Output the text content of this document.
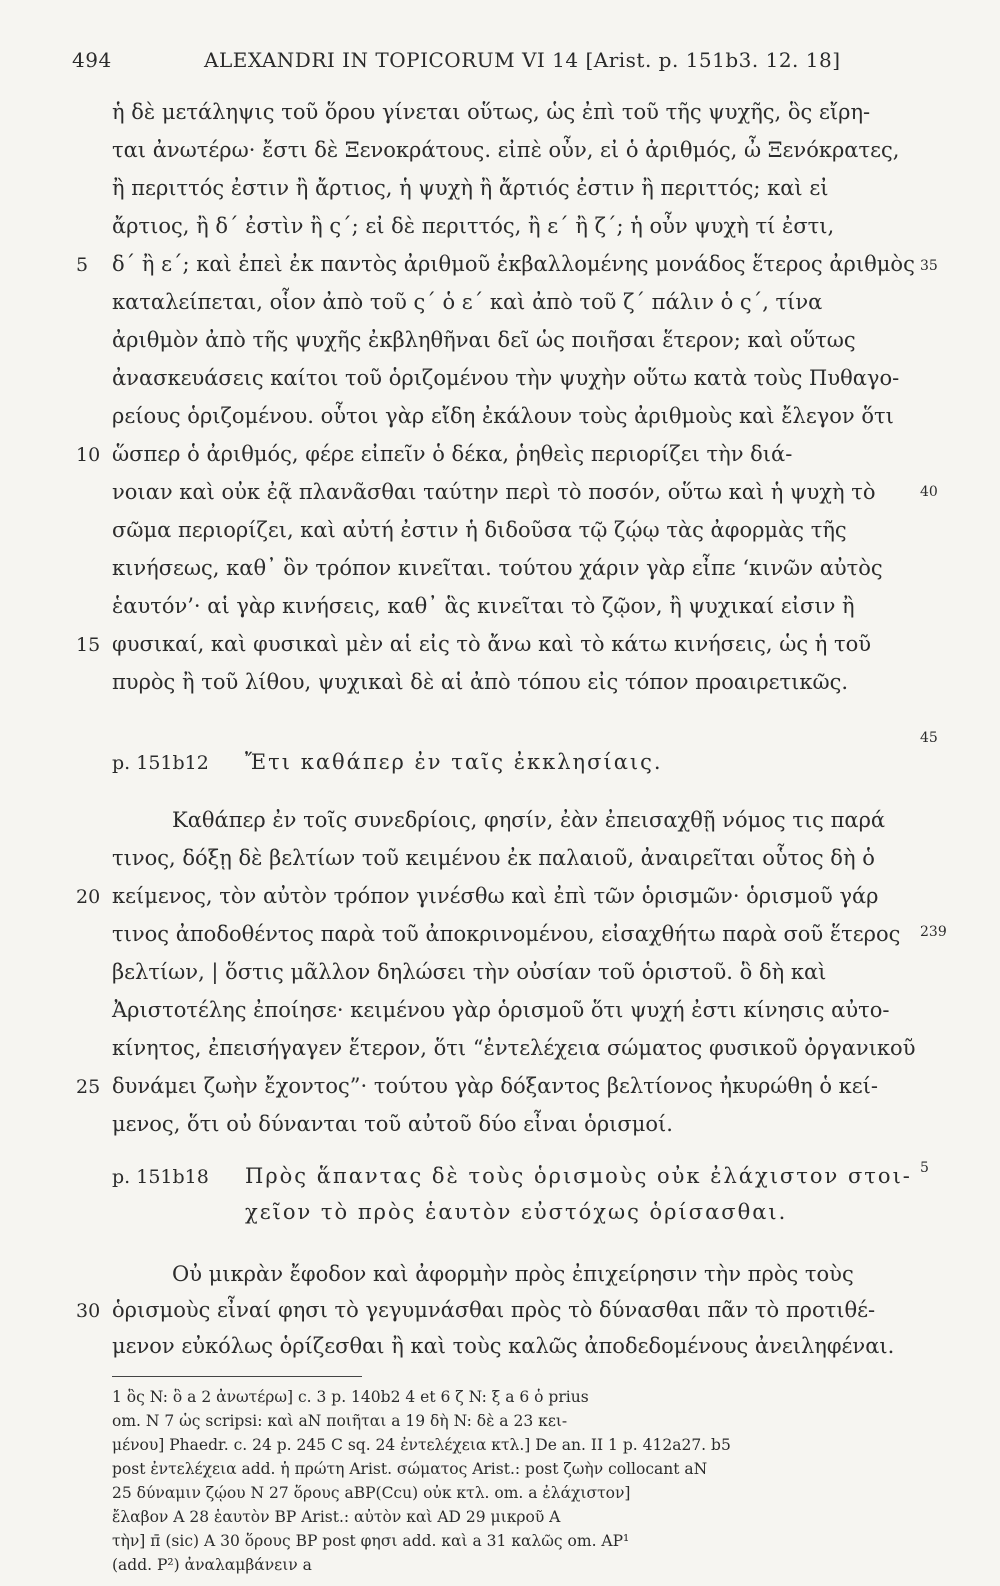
494	ALEXANDRI IN TOPICORUM VI 14 [Arist. p. 151b3. 12. 18]
ἡ δὲ μετάληψις τοῦ ὅρου γίνεται οὕτως, ὡς ἐπὶ τοῦ τῆς ψυχῆς, ὃς εἴρη-
ται ἀνωτέρω· ἔστι δὲ Ξενοκράτους. εἰπὲ οὖν, εἰ ὁ ἀριθμός, ὦ Ξενόκρατες,
ἢ περιττός ἐστιν ἢ ἄρτιος, ἡ ψυχὴ ἢ ἄρτιός ἐστιν ἢ περιττός; καὶ εἰ
ἄρτιος, ἢ δ´ ἐστὶν ἢ ς´; εἰ δὲ περιττός, ἢ ε´ ἢ ζ´; ἡ οὖν ψυχὴ τί ἐστι,
5	δ´ ἢ ε´; καὶ ἐπεὶ ἐκ παντὸς ἀριθμοῦ ἐκβαλλομένης μονάδος ἕτερος ἀριθμὸς
καταλείπεται, οἷον ἀπὸ τοῦ ς´ ὁ ε´ καὶ ἀπὸ τοῦ ζ´ πάλιν ὁ ς´, τίνα
ἀριθμὸν ἀπὸ τῆς ψυχῆς ἐκβληθῆναι δεῖ ὡς ποιῆσαι ἕτερον; καὶ οὕτως
ἀνασκευάσεις καίτοι τοῦ ὁριζομένου τὴν ψυχὴν οὕτω κατὰ τοὺς Πυθαγο-
ρείους ὁριζομένου. οὗτοι γὰρ εἴδη ἐκάλουν τοὺς ἀριθμοὺς καὶ ἔλεγον ὅτι
10 ὥσπερ ὁ ἀριθμός, φέρε εἰπεῖν ὁ δέκα, ῥηθεὶς περιορίζει τὴν διά-
νοιαν καὶ οὐκ ἐᾷ πλανᾶσθαι ταύτην περὶ τὸ ποσόν, οὕτω καὶ ἡ ψυχὴ τὸ
σῶμα περιορίζει, καὶ αὐτή ἐστιν ἡ διδοῦσα τῷ ζῴῳ τὰς ἀφορμὰς τῆς
κινήσεως, καθ᾽ ὃν τρόπον κινεῖται. τούτου χάριν γὰρ εἶπε ‘κινῶν αὐτὸς
ἑαυτόν’· αἱ γὰρ κινήσεις, καθ᾽ ἃς κινεῖται τὸ ζῷον, ἢ ψυχικαί εἰσιν ἢ
15 φυσικαί, καὶ φυσικαὶ μὲν αἱ εἰς τὸ ἄνω καὶ τὸ κάτω κινήσεις, ὡς ἡ τοῦ
πυρὸς ἢ τοῦ λίθου, ψυχικαὶ δὲ αἱ ἀπὸ τόπου εἰς τόπον προαιρετικῶς.
p. 151b12 Ἔτι καθάπερ ἐν ταῖς ἐκκλησίαις.
Καθάπερ ἐν τοῖς συνεδρίοις, φησίν, ἐὰν ἐπεισαχθῇ νόμος τις παρά
τινος, δόξῃ δὲ βελτίων τοῦ κειμένου ἐκ παλαιοῦ, ἀναιρεῖται οὗτος δὴ ὁ
20 κείμενος, τὸν αὐτὸν τρόπον γινέσθω καὶ ἐπὶ τῶν ὁρισμῶν· ὁρισμοῦ γάρ
τινος ἀποδοθέντος παρὰ τοῦ ἀποκρινομένου, εἰσαχθήτω παρὰ σοῦ ἕτερος
βελτίων, | ὅστις μᾶλλον δηλώσει τὴν οὐσίαν τοῦ ὁριστοῦ. ὃ δὴ καὶ
Ἀριστοτέλης ἐποίησε· κειμένου γὰρ ὁρισμοῦ ὅτι ψυχή ἐστι κίνησις αὐτο-
κίνητος, ἐπεισήγαγεν ἕτερον, ὅτι “ἐντελέχεια σώματος φυσικοῦ ὀργανικοῦ
25 δυνάμει ζωὴν ἔχοντος”· τούτου γὰρ δόξαντος βελτίονος ἠκυρώθη ὁ κεί-
μενος, ὅτι οὐ δύνανται τοῦ αὐτοῦ δύο εἶναι ὁρισμοί.
p. 151b18 Πρὸς ἅπαντας δὲ τοὺς ὁρισμοὺς οὐκ ἐλάχιστον στοι-
χεῖον τὸ πρὸς ἑαυτὸν εὐστόχως ὁρίσασθαι.
Οὐ μικρὰν ἔφοδον καὶ ἀφορμὴν πρὸς ἐπιχείρησιν τὴν πρὸς τοὺς
ὁρισμοὺς εἶναί φησι τὸ γεγυμνάσθαι πρὸς τὸ δύνασθαι πᾶν τὸ προτιθέ-
30
μενον εὐκόλως ὁρίζεσθαι ἢ καὶ τοὺς καλῶς ἀποδεδομένους ἀνειληφέναι.
35
40
45
239
5
1 ὃς N: ὃ a 2 ἀνωτέρω] c. 3 p. 140b2 4 et 6 ζ N: ξ a 6 ὁ prius
om. N 7 ὡς scripsi: καὶ aN ποιῆται a 19 δὴ N: δὲ a 23 κει-
μένου] Phaedr. c. 24 p. 245 C sq. 24 ἐντελέχεια κτλ.] De an. II 1 p. 412a27. b5
post ἐντελέχεια add. ἡ πρώτη Arist. σώματος Arist.: post ζωὴν collocant aN
25 δύναμιν ζῴου N 27 ὅρους aBP(Ccu) οὐκ κτλ. om. a ἐλάχιστον]
ἔλαβον A 28 ἑαυτὸν BP Arist.: αὐτὸν καὶ AD 29 μικροῦ A
τὴν] π̄ (sic) A 30 ὅρους BP post φησι add. καὶ a 31 καλῶς om. AP¹
(add. P²) ἀναλαμβάνειν a
